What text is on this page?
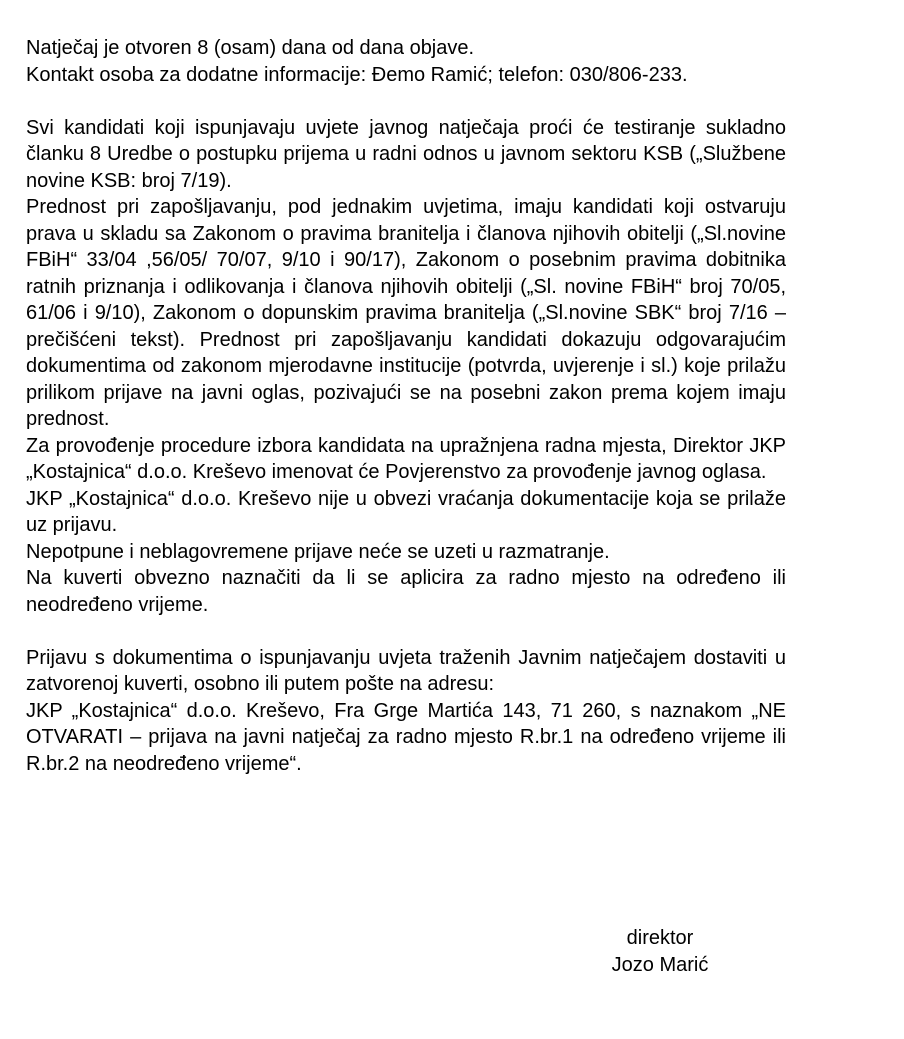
Natječaj je otvoren 8 (osam) dana od dana objave.

Kontakt osoba za dodatne informacije: Đemo Ramić; telefon: 030/806-233.

Svi kandidati koji ispunjavaju uvjete javnog natječaja proći će testiranje sukladno članku 8 Uredbe o postupku prijema u radni odnos u javnom sektoru KSB („Službene novine KSB: broj 7/19).

Prednost pri zapošljavanju, pod jednakim uvjetima, imaju kandidati koji ostvaruju prava u skladu sa Zakonom o pravima branitelja i članova njihovih obitelji („Sl.novine FBiH“ 33/04 ,56/05/ 70/07, 9/10 i 90/17), Zakonom o posebnim pravima dobitnika ratnih priznanja i odlikovanja i članova njihovih obitelji („Sl. novine FBiH“ broj 70/05, 61/06 i 9/10), Zakonom o dopunskim pravima branitelja („Sl.novine SBK“ broj 7/16 – prečišćeni tekst). Prednost pri zapošljavanju kandidati dokazuju odgovarajućim dokumentima od zakonom mjerodavne institucije (potvrda, uvjerenje i sl.) koje prilažu prilikom prijave na javni oglas, pozivajući se na posebni zakon prema kojem imaju prednost.

Za provođenje procedure izbora kandidata na upražnjena radna mjesta, Direktor JKP „Kostajnica“ d.o.o. Kreševo imenovat će Povjerenstvo za provođenje javnog oglasa.

JKP „Kostajnica“ d.o.o. Kreševo nije u obvezi vraćanja dokumentacije koja se prilaže uz prijavu.

Nepotpune i neblagovremene prijave neće se uzeti u razmatranje.

Na kuverti obvezno naznačiti da li se aplicira za radno mjesto na određeno ili neodređeno vrijeme.

Prijavu s dokumentima o ispunjavanju uvjeta traženih Javnim natječajem dostaviti u zatvorenoj kuverti, osobno ili putem pošte na adresu:

JKP „Kostajnica“ d.o.o. Kreševo, Fra Grge Martića 143, 71 260, s naznakom „NE OTVARATI – prijava na javni natječaj za radno mjesto R.br.1 na određeno vrijeme ili R.br.2 na neodređeno vrijeme“.

direktor
Jozo Marić
